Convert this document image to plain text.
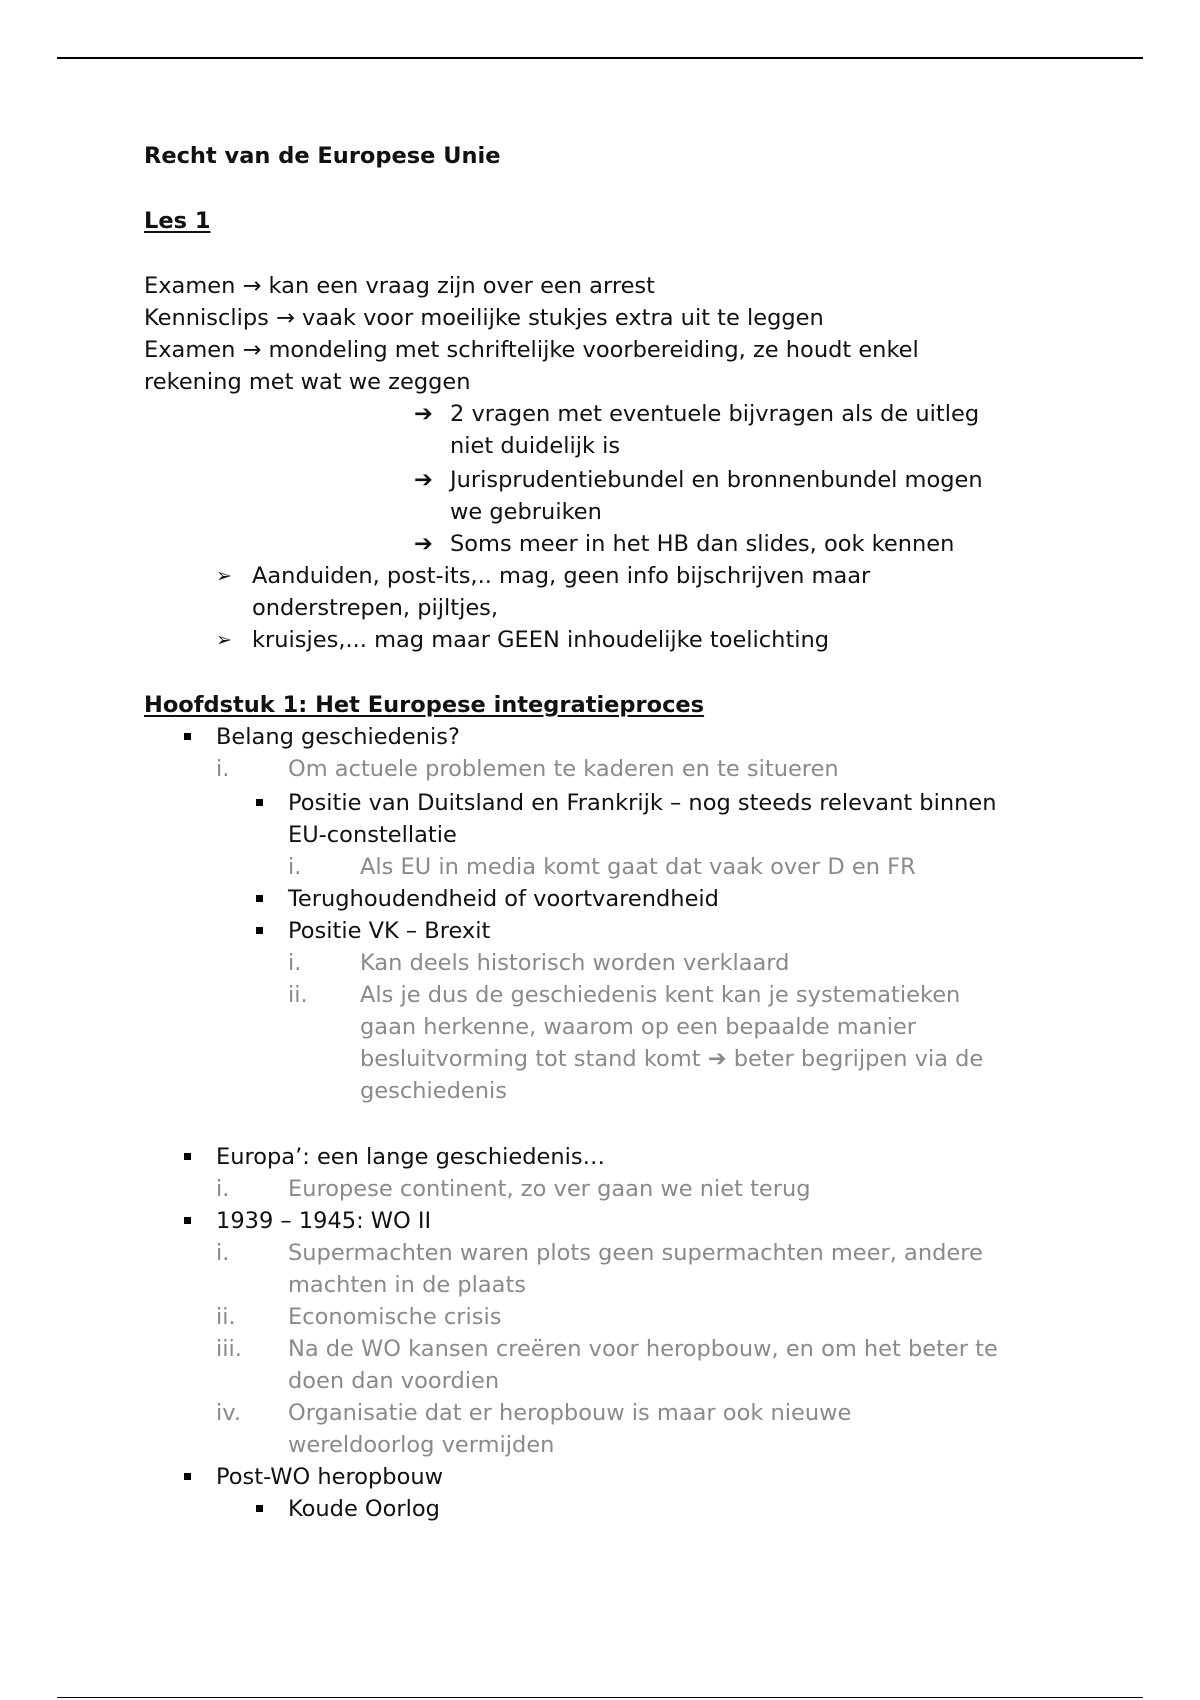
Recht van de Europese Unie
Les 1
Examen → kan een vraag zijn over een arrest
Kennisclips → vaak voor moeilijke stukjes extra uit te leggen
Examen → mondeling met schriftelijke voorbereiding, ze houdt enkel
rekening met wat we zeggen
➔ 2 vragen met eventuele bijvragen als de uitleg
niet duidelijk is
➔ Jurisprudentiebundel en bronnenbundel mogen
we gebruiken
➔ Soms meer in het HB dan slides, ook kennen
➢ Aanduiden, post-its,.. mag, geen info bijschrijven maar
onderstrepen, pijltjes,
➢ kruisjes,... mag maar GEEN inhoudelijke toelichting
Hoofdstuk 1: Het Europese integratieproces
Belang geschiedenis?
i.	Om actuele problemen te kaderen en te situeren
Positie van Duitsland en Frankrijk – nog steeds relevant binnen
EU-constellatie
i.	Als EU in media komt gaat dat vaak over D en FR
Terughoudendheid of voortvarendheid
Positie VK – Brexit
i.	Kan deels historisch worden verklaard
ii. Als je dus de geschiedenis kent kan je systematieken
gaan herkenne, waarom op een bepaalde manier
besluitvorming tot stand komt ➔ beter begrijpen via de
geschiedenis
Europa’: een lange geschiedenis…
i.	Europese continent, zo ver gaan we niet terug
1939 – 1945: WO II
i.	Supermachten waren plots geen supermachten meer, andere
machten in de plaats
ii. Economische crisis
iii. Na de WO kansen creëren voor heropbouw, en om het beter te
doen dan voordien
iv. Organisatie dat er heropbouw is maar ook nieuwe
wereldoorlog vermijden
Post-WO heropbouw
Koude Oorlog
